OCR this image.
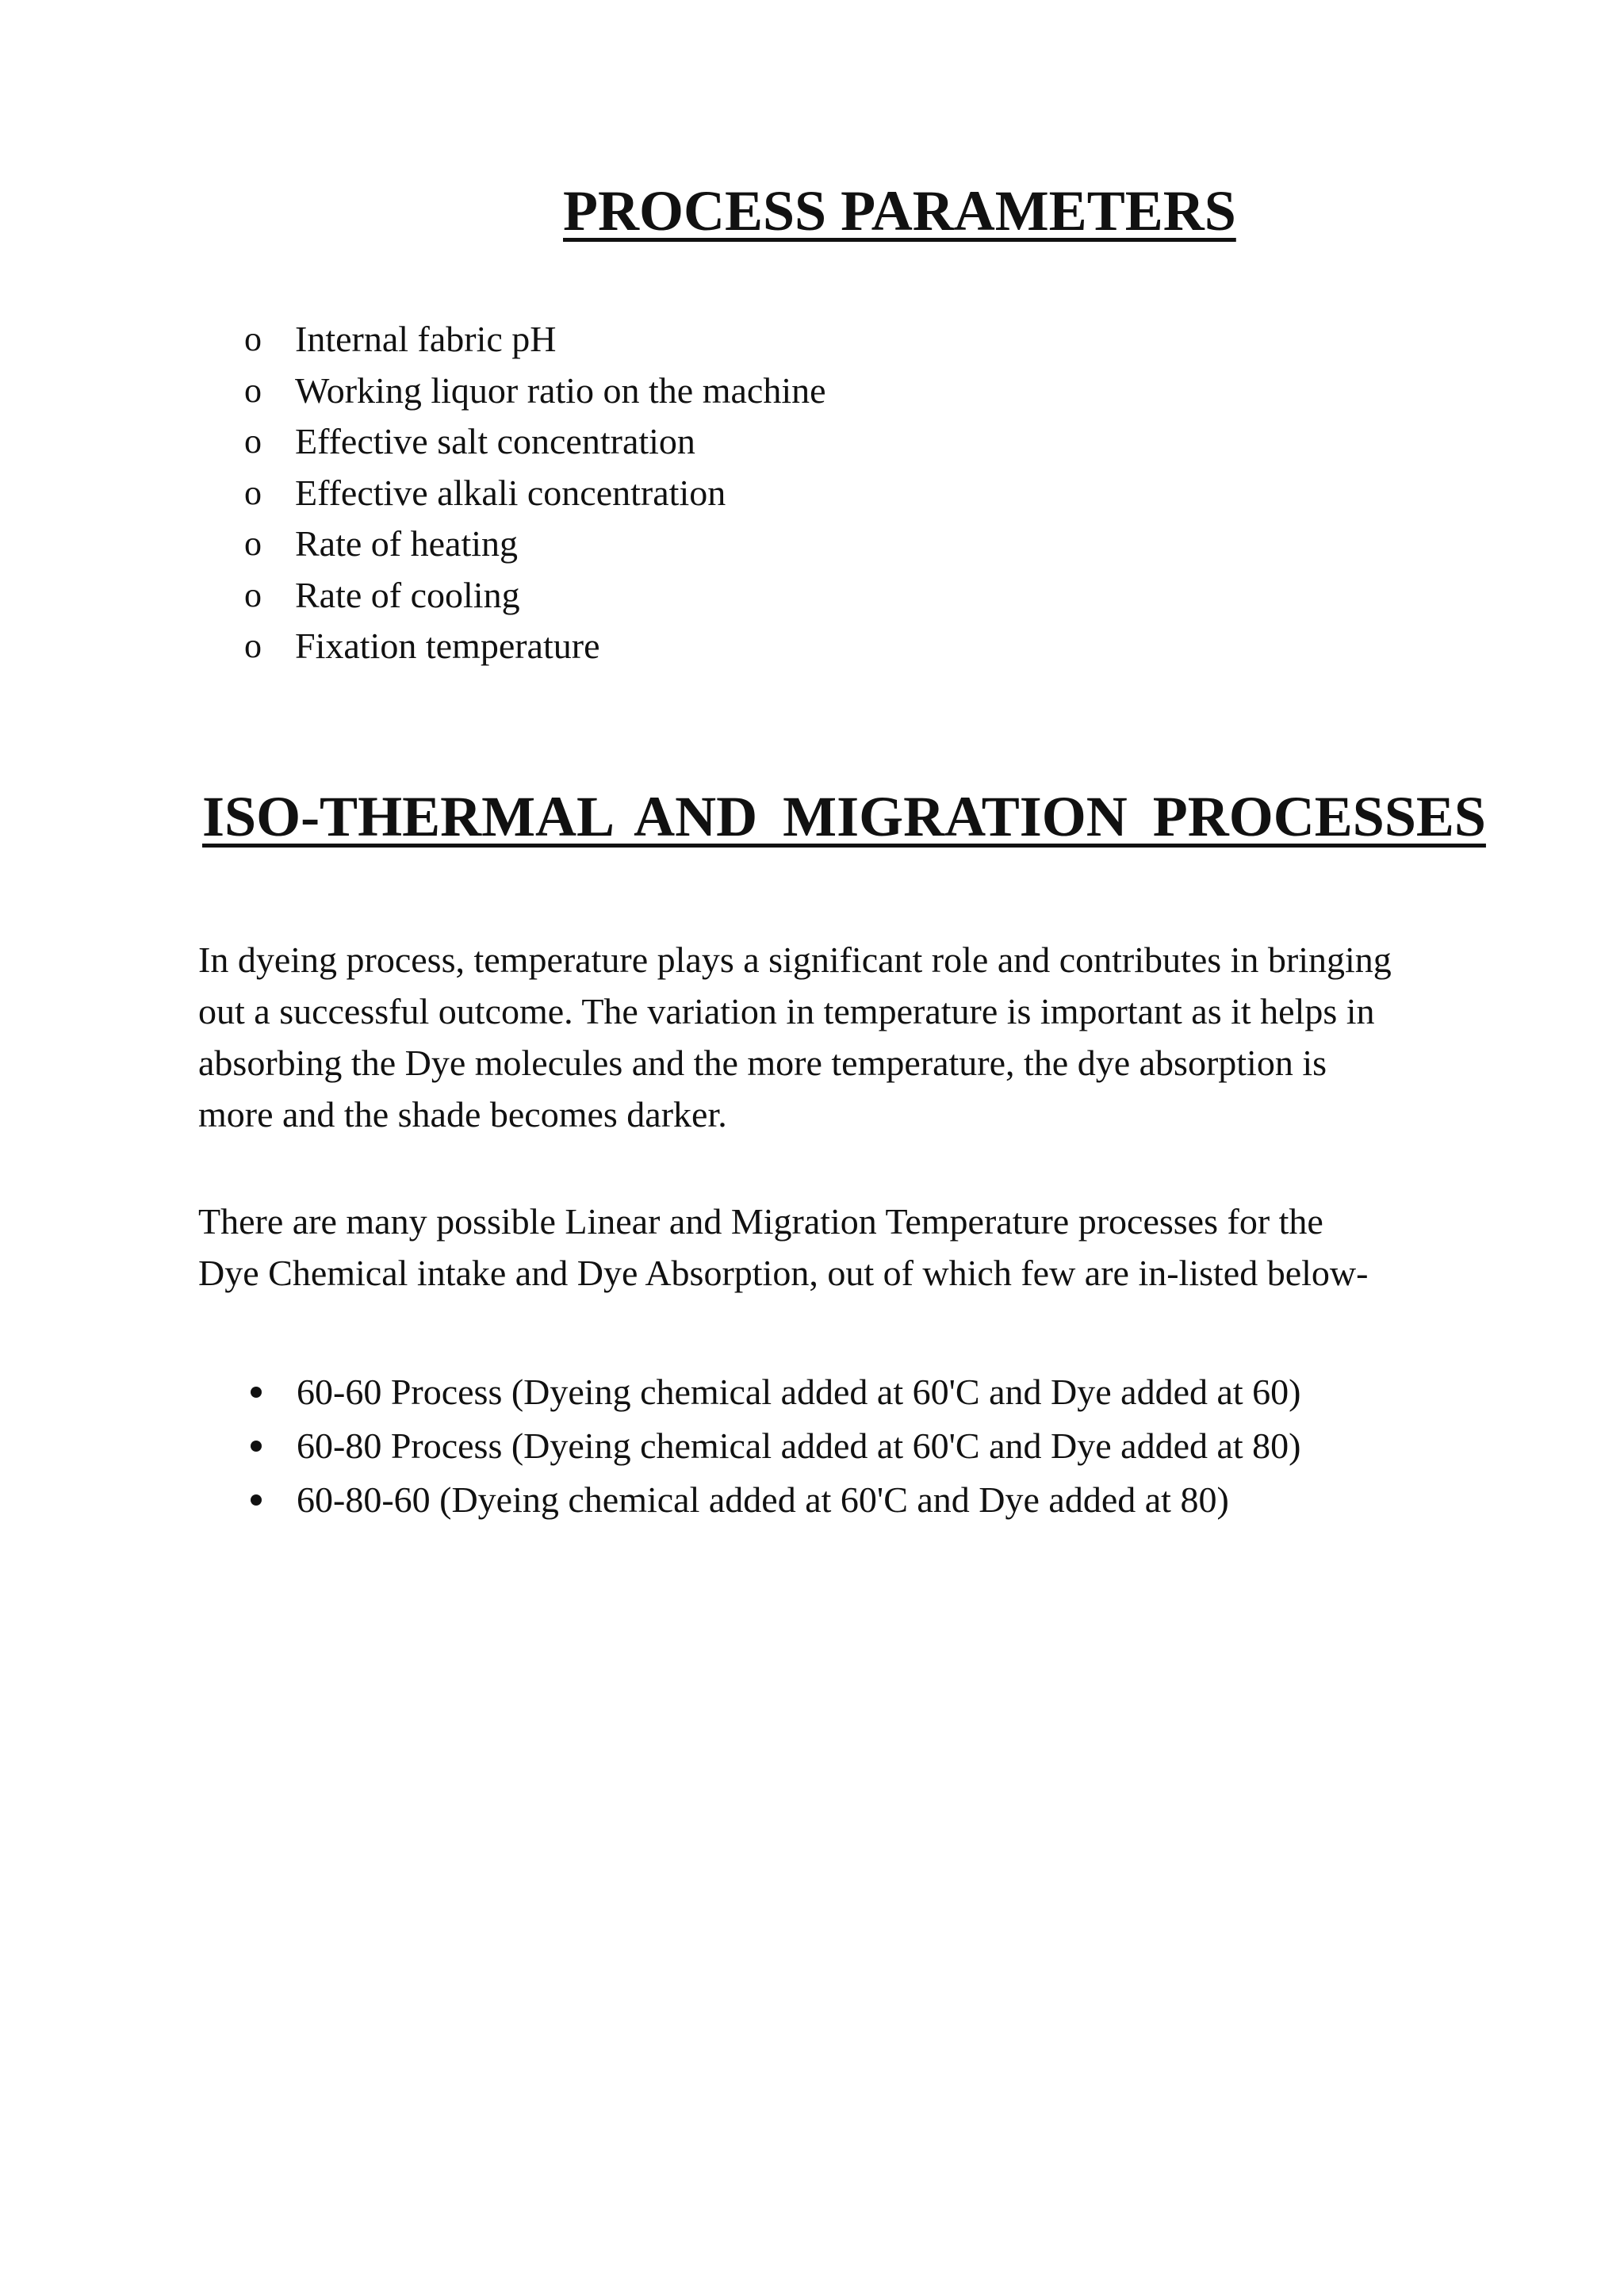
PROCESS PARAMETERS
o Internal fabric pH
o Working liquor ratio on the machine
o Effective salt concentration
o Effective alkali concentration
o Rate of heating
o Rate of cooling
o Fixation temperature
ISO-THERMAL AND MIGRATION PROCESSES

In dyeing process, temperature plays a significant role and contributes in bringing
out a successful outcome. The variation in temperature is important as it helps in
absorbing the Dye molecules and the more temperature, the dye absorption is
more and the shade becomes darker.

There are many possible Linear and Migration Temperature processes for the
Dye Chemical intake and Dye Absorption, out of which few are in-listed below-

60-60 Process (Dyeing chemical added at 60'C and Dye added at 60)
60-80 Process (Dyeing chemical added at 60'C and Dye added at 80)
60-80-60 (Dyeing chemical added at 60'C and Dye added at 80)
